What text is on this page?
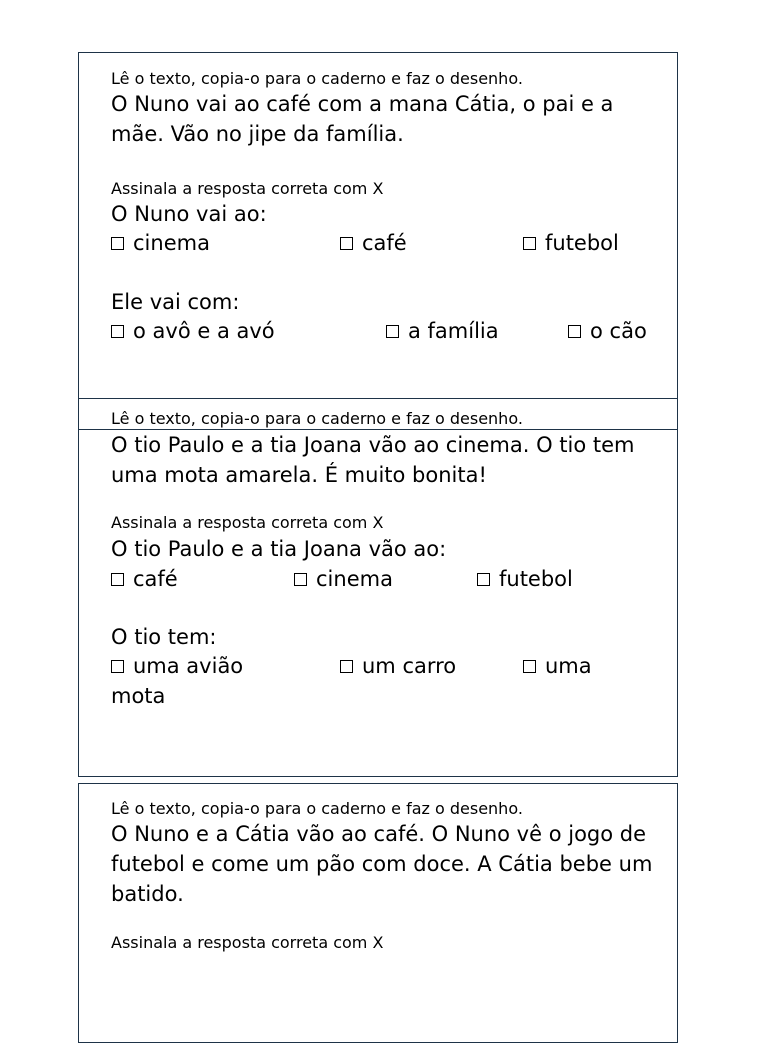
Lê o texto, copia-o para o caderno e faz o desenho.
O Nuno vai ao café com a mana Cátia, o pai e a mãe. Vão no jipe da família.
Assinala a resposta correta com X
O Nuno vai ao:
cinema	café	futebol
Ele vai com:
o avô e a avó	a família	o cão
Lê o texto, copia-o para o caderno e faz o desenho.
O tio Paulo e a tia Joana vão ao cinema. O tio tem uma mota amarela. É muito bonita!
Assinala a resposta correta com X
O tio Paulo e a tia Joana vão ao:
café	cinema	futebol
O tio tem:
uma avião	um carro	uma
mota
Lê o texto, copia-o para o caderno e faz o desenho.
O Nuno e a Cátia vão ao café. O Nuno vê o jogo de futebol e come um pão com doce. A Cátia bebe um batido.
Assinala a resposta correta com X
